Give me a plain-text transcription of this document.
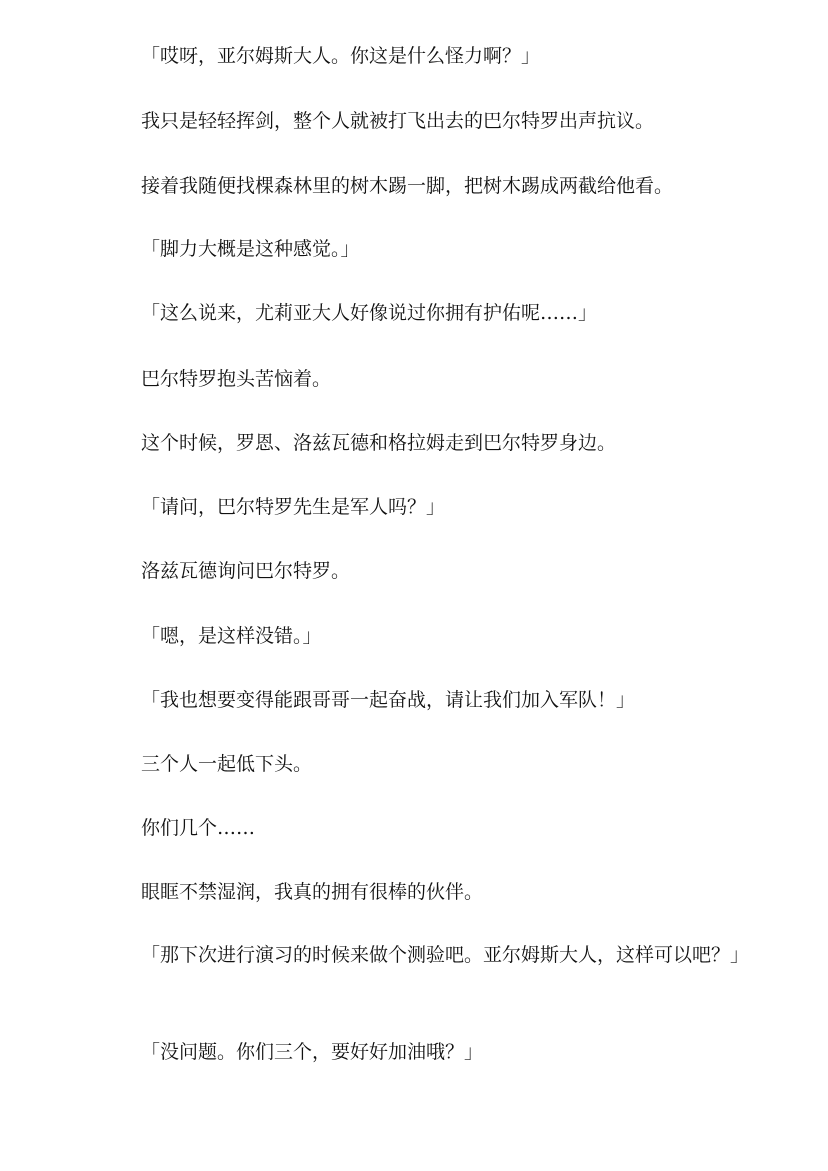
「哎呀，亚尔姆斯大人。你这是什么怪力啊？」

我只是轻轻挥剑，整个人就被打飞出去的巴尔特罗出声抗议。

接着我随便找棵森林里的树木踢一脚，把树木踢成两截给他看。

「脚力大概是这种感觉。」

「这么说来，尤莉亚大人好像说过你拥有护佑呢……」

巴尔特罗抱头苦恼着。

这个时候，罗恩、洛兹瓦德和格拉姆走到巴尔特罗身边。

「请问，巴尔特罗先生是军人吗？」

洛兹瓦德询问巴尔特罗。

「嗯，是这样没错。」

「我也想要变得能跟哥哥一起奋战，请让我们加入军队！」

三个人一起低下头。

你们几个……

眼眶不禁湿润，我真的拥有很棒的伙伴。

「那下次进行演习的时候来做个测验吧。亚尔姆斯大人，这样可以吧？」

「没问题。你们三个，要好好加油哦？」
